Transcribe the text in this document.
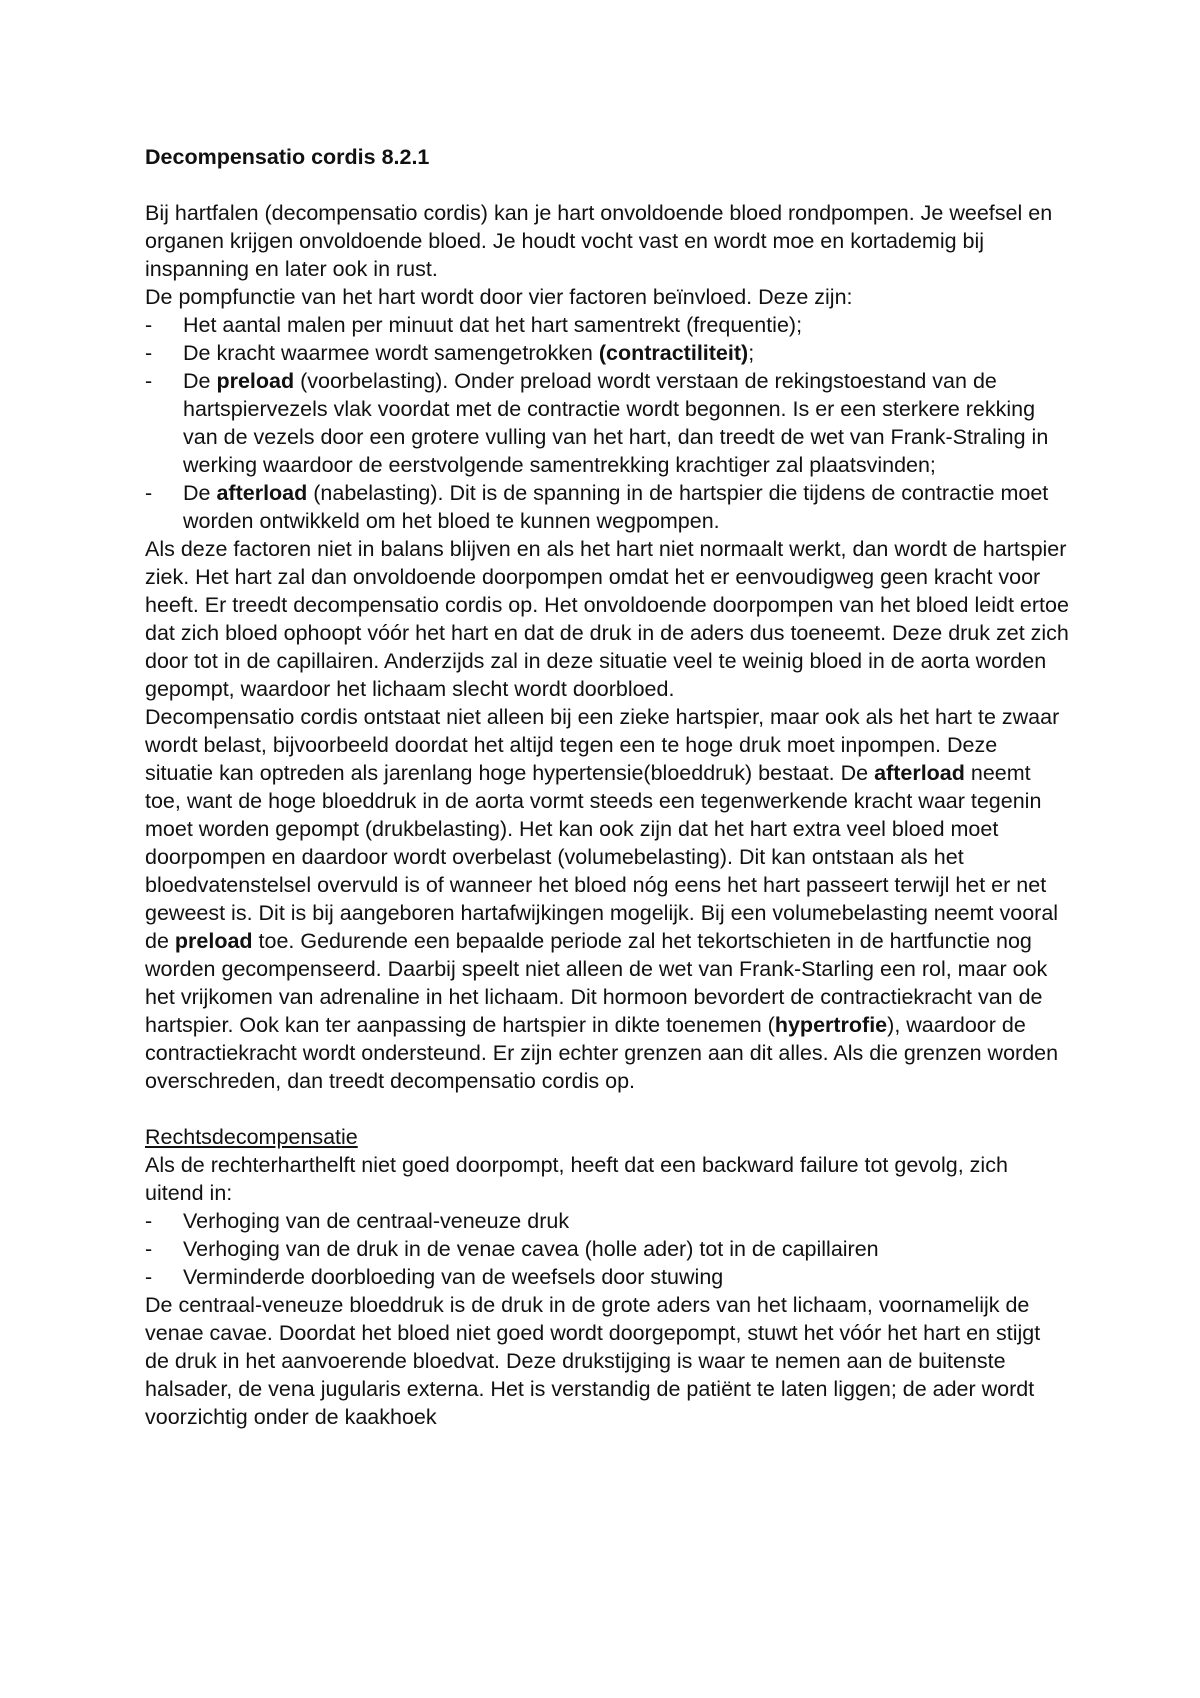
Decompensatio cordis 8.2.1

Bij hartfalen (decompensatio cordis) kan je hart onvoldoende bloed rondpompen. Je weefsel en organen krijgen onvoldoende bloed. Je houdt vocht vast en wordt moe en kortademig bij inspanning en later ook in rust.

De pompfunctie van het hart wordt door vier factoren beïnvloed. Deze zijn:

- Het aantal malen per minuut dat het hart samentrekt (frequentie);
- De kracht waarmee wordt samengetrokken (contractiliteit);
- De preload (voorbelasting). Onder preload wordt verstaan de rekingstoestand van de hartspiervezels vlak voordat met de contractie wordt begonnen. Is er een sterkere rekking van de vezels door een grotere vulling van het hart, dan treedt de wet van Frank-Straling in werking waardoor de eerstvolgende samentrekking krachtiger zal plaatsvinden;
- De afterload (nabelasting). Dit is de spanning in de hartspier die tijdens de contractie moet worden ontwikkeld om het bloed te kunnen wegpompen.

Als deze factoren niet in balans blijven en als het hart niet normaalt werkt, dan wordt de hartspier ziek. Het hart zal dan onvoldoende doorpompen omdat het er eenvoudigweg geen kracht voor heeft. Er treedt decompensatio cordis op. Het onvoldoende doorpompen van het bloed leidt ertoe dat zich bloed ophoopt vóór het hart en dat de druk in de aders dus toeneemt. Deze druk zet zich door tot in de capillairen. Anderzijds zal in deze situatie veel te weinig bloed in de aorta worden gepompt, waardoor het lichaam slecht wordt doorbloed.

Decompensatio cordis ontstaat niet alleen bij een zieke hartspier, maar ook als het hart te zwaar wordt belast, bijvoorbeeld doordat het altijd tegen een te hoge druk moet inpompen. Deze situatie kan optreden als jarenlang hoge hypertensie(bloeddruk) bestaat. De afterload neemt toe, want de hoge bloeddruk in de aorta vormt steeds een tegenwerkende kracht waar tegenin moet worden gepompt (drukbelasting). Het kan ook zijn dat het hart extra veel bloed moet doorpompen en daardoor wordt overbelast (volumebelasting). Dit kan ontstaan als het bloedvatenstelsel overvuld is of wanneer het bloed nóg eens het hart passeert terwijl het er net geweest is. Dit is bij aangeboren hartafwijkingen mogelijk. Bij een volumebelasting neemt vooral de preload toe. Gedurende een bepaalde periode zal het tekortschieten in de hartfunctie nog worden gecompenseerd. Daarbij speelt niet alleen de wet van Frank-Starling een rol, maar ook het vrijkomen van adrenaline in het lichaam. Dit hormoon bevordert de contractiekracht van de hartspier. Ook kan ter aanpassing de hartspier in dikte toenemen (hypertrofie), waardoor de contractiekracht wordt ondersteund. Er zijn echter grenzen aan dit alles. Als die grenzen worden overschreden, dan treedt decompensatio cordis op.

Rechtsdecompensatie

Als de rechterharthelft niet goed doorpompt, heeft dat een backward failure tot gevolg, zich uitend in:

- Verhoging van de centraal-veneuze druk
- Verhoging van de druk in de venae cavea (holle ader) tot in de capillairen
- Verminderde doorbloeding van de weefsels door stuwing

De centraal-veneuze bloeddruk is de druk in de grote aders van het lichaam, voornamelijk de venae cavae. Doordat het bloed niet goed wordt doorgepompt, stuwt het vóór het hart en stijgt de druk in het aanvoerende bloedvat. Deze drukstijging is waar te nemen aan de buitenste halsader, de vena jugularis externa. Het is verstandig de patiënt te laten liggen; de ader wordt voorzichtig onder de kaakhoek
